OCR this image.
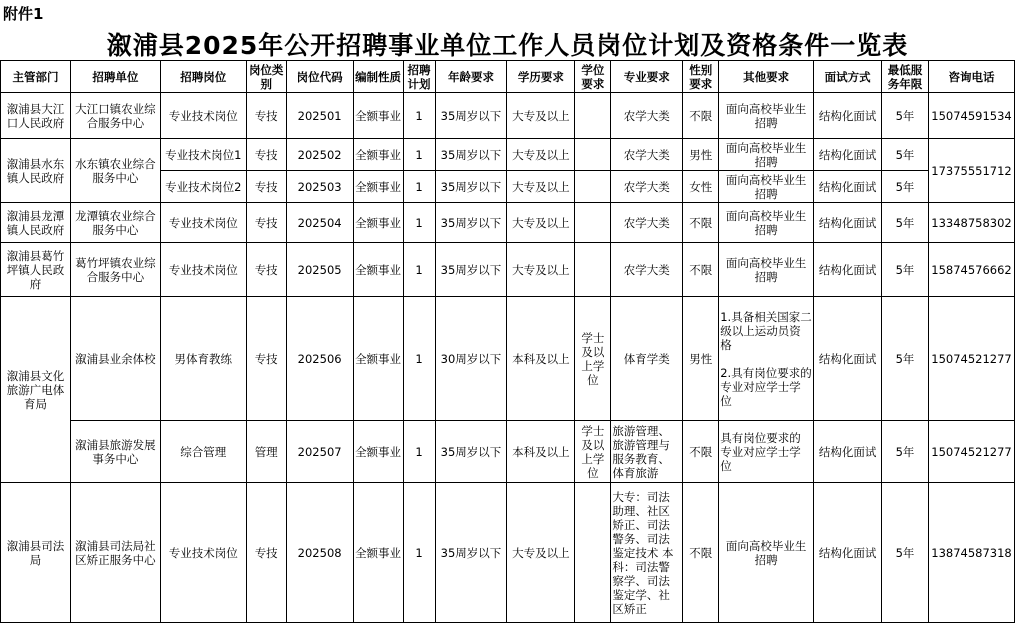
附件1
溆浦县2025年公开招聘事业单位工作人员岗位计划及资格条件一览表
主管部门	招聘单位	招聘岗位	岗位类别	岗位代码	编制性质	招聘计划	年龄要求	学历要求	学位要求	专业要求	性别要求	其他要求	面试方式	最低服务年限	咨询电话
溆浦县大江口人民政府	大江口镇农业综合服务中心	专业技术岗位	专技	202501	全额事业	1	35周岁以下	大专及以上		农学大类	不限	面向高校毕业生招聘	结构化面试	5年	15074591534
溆浦县水东镇人民政府	水东镇农业综合服务中心	专业技术岗位1	专技	202502	全额事业	1	35周岁以下	大专及以上		农学大类	男性	面向高校毕业生招聘	结构化面试	5年	17375551712
		专业技术岗位2	专技	202503	全额事业	1	35周岁以下	大专及以上		农学大类	女性	面向高校毕业生招聘	结构化面试	5年	
溆浦县龙潭镇人民政府	龙潭镇农业综合服务中心	专业技术岗位	专技	202504	全额事业	1	35周岁以下	大专及以上		农学大类	不限	面向高校毕业生招聘	结构化面试	5年	13348758302
溆浦县葛竹坪镇人民政府	葛竹坪镇农业综合服务中心	专业技术岗位	专技	202505	全额事业	1	35周岁以下	大专及以上		农学大类	不限	面向高校毕业生招聘	结构化面试	5年	15874576662
溆浦县文化旅游广电体育局	溆浦县业余体校	男体育教练	专技	202506	全额事业	1	30周岁以下	本科及以上	学士及以上学位	体育学类	男性	1.具备相关国家二级以上运动员资格
2.具有岗位要求的专业对应学士学位	结构化面试	5年	15074521277
	溆浦县旅游发展事务中心	综合管理	管理	202507	全额事业	1	35周岁以下	本科及以上	学士及以上学位	旅游管理、旅游管理与服务教育、体育旅游	不限	具有岗位要求的专业对应学士学位	结构化面试	5年	15074521277
溆浦县司法局	溆浦县司法局社区矫正服务中心	专业技术岗位	专技	202508	全额事业	1	35周岁以下	大专及以上		大专：司法助理、社区矫正、司法警务、司法鉴定技术 本科：司法警察学、司法鉴定学、社区矫正	不限	面向高校毕业生招聘	结构化面试	5年	13874587318
